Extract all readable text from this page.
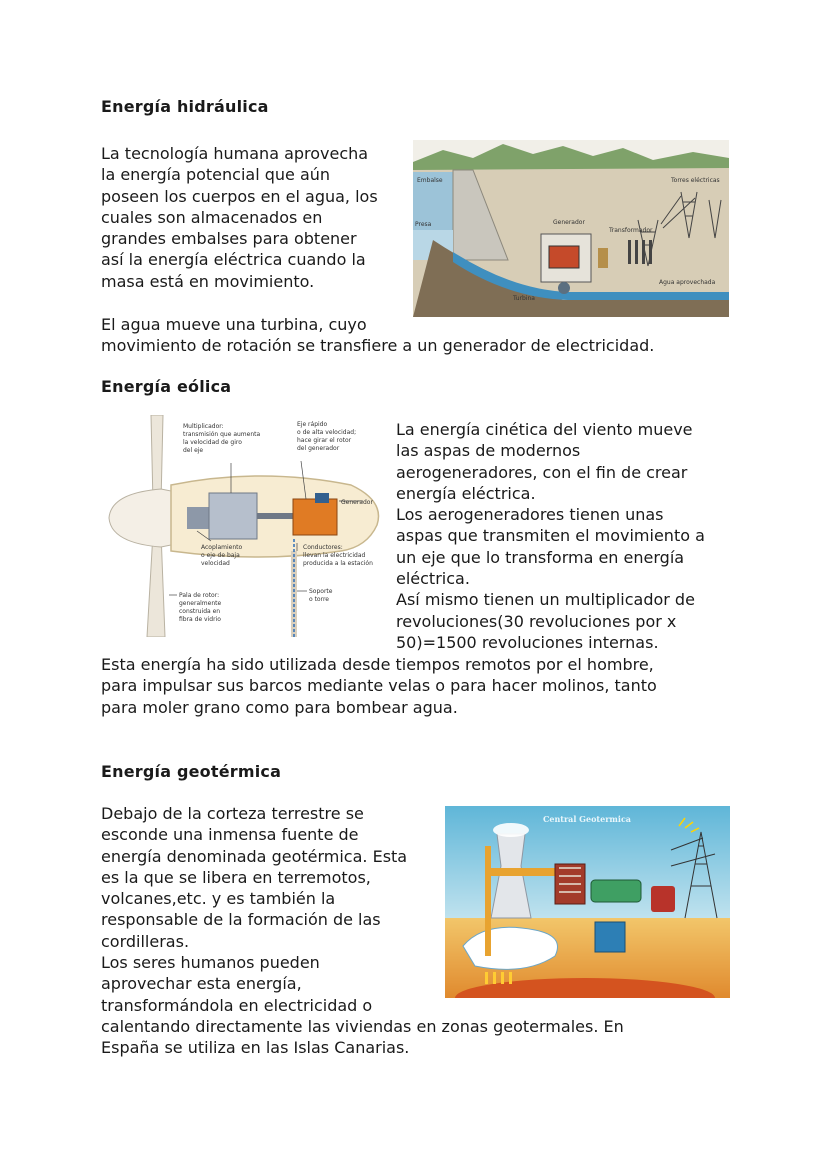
Energía hidráulica
La tecnología humana aprovecha
la energía potencial que aún
poseen los cuerpos en el agua, los
cuales son almacenados en
grandes embalses para obtener
así la energía eléctrica cuando la
masa está en movimiento.
El agua mueve una turbina, cuyo
movimiento de rotación se transfiere a un generador de electricidad.
Embalse
Presa	Generador
Transformador
Torres eléctricas
Turbina
Agua aprovechada
Energía eólica
La energía cinética del viento mueve
las aspas de modernos
aerogeneradores, con el fin de crear
energía eléctrica.
Los aerogeneradores tienen unas
aspas que transmiten el movimiento a
un eje que lo transforma en energía
eléctrica.
Así mismo tienen un multiplicador de
revoluciones(30 revoluciones por x
50)=1500 revoluciones internas.
Esta energía ha sido utilizada desde tiempos remotos por el hombre,
para impulsar sus barcos mediante velas o para hacer molinos, tanto
para moler grano como para bombear agua.
Multiplicador:
transmisión que aumenta
la velocidad de giro
del eje
Eje rápido
o de alta velocidad;
hace girar el rotor
del generador
Generador
Acoplamiento
o eje de baja
velocidad
Conductores:
llevan la electricidad
producida a la estación
Pala de rotor:
generalmente
construida en
fibra de vidrio
Soporte
o torre
Energía geotérmica
Debajo de la corteza terrestre se
esconde una inmensa fuente de
energía denominada geotérmica. Esta
es la que se libera en terremotos,
volcanes,etc. y es también la
responsable de la formación de las
cordilleras.
Los seres humanos pueden
aprovechar esta energía,
transformándola en electricidad o
calentando directamente las viviendas en zonas geotermales. En
España se utiliza en las Islas Canarias.
Central Geotermica
